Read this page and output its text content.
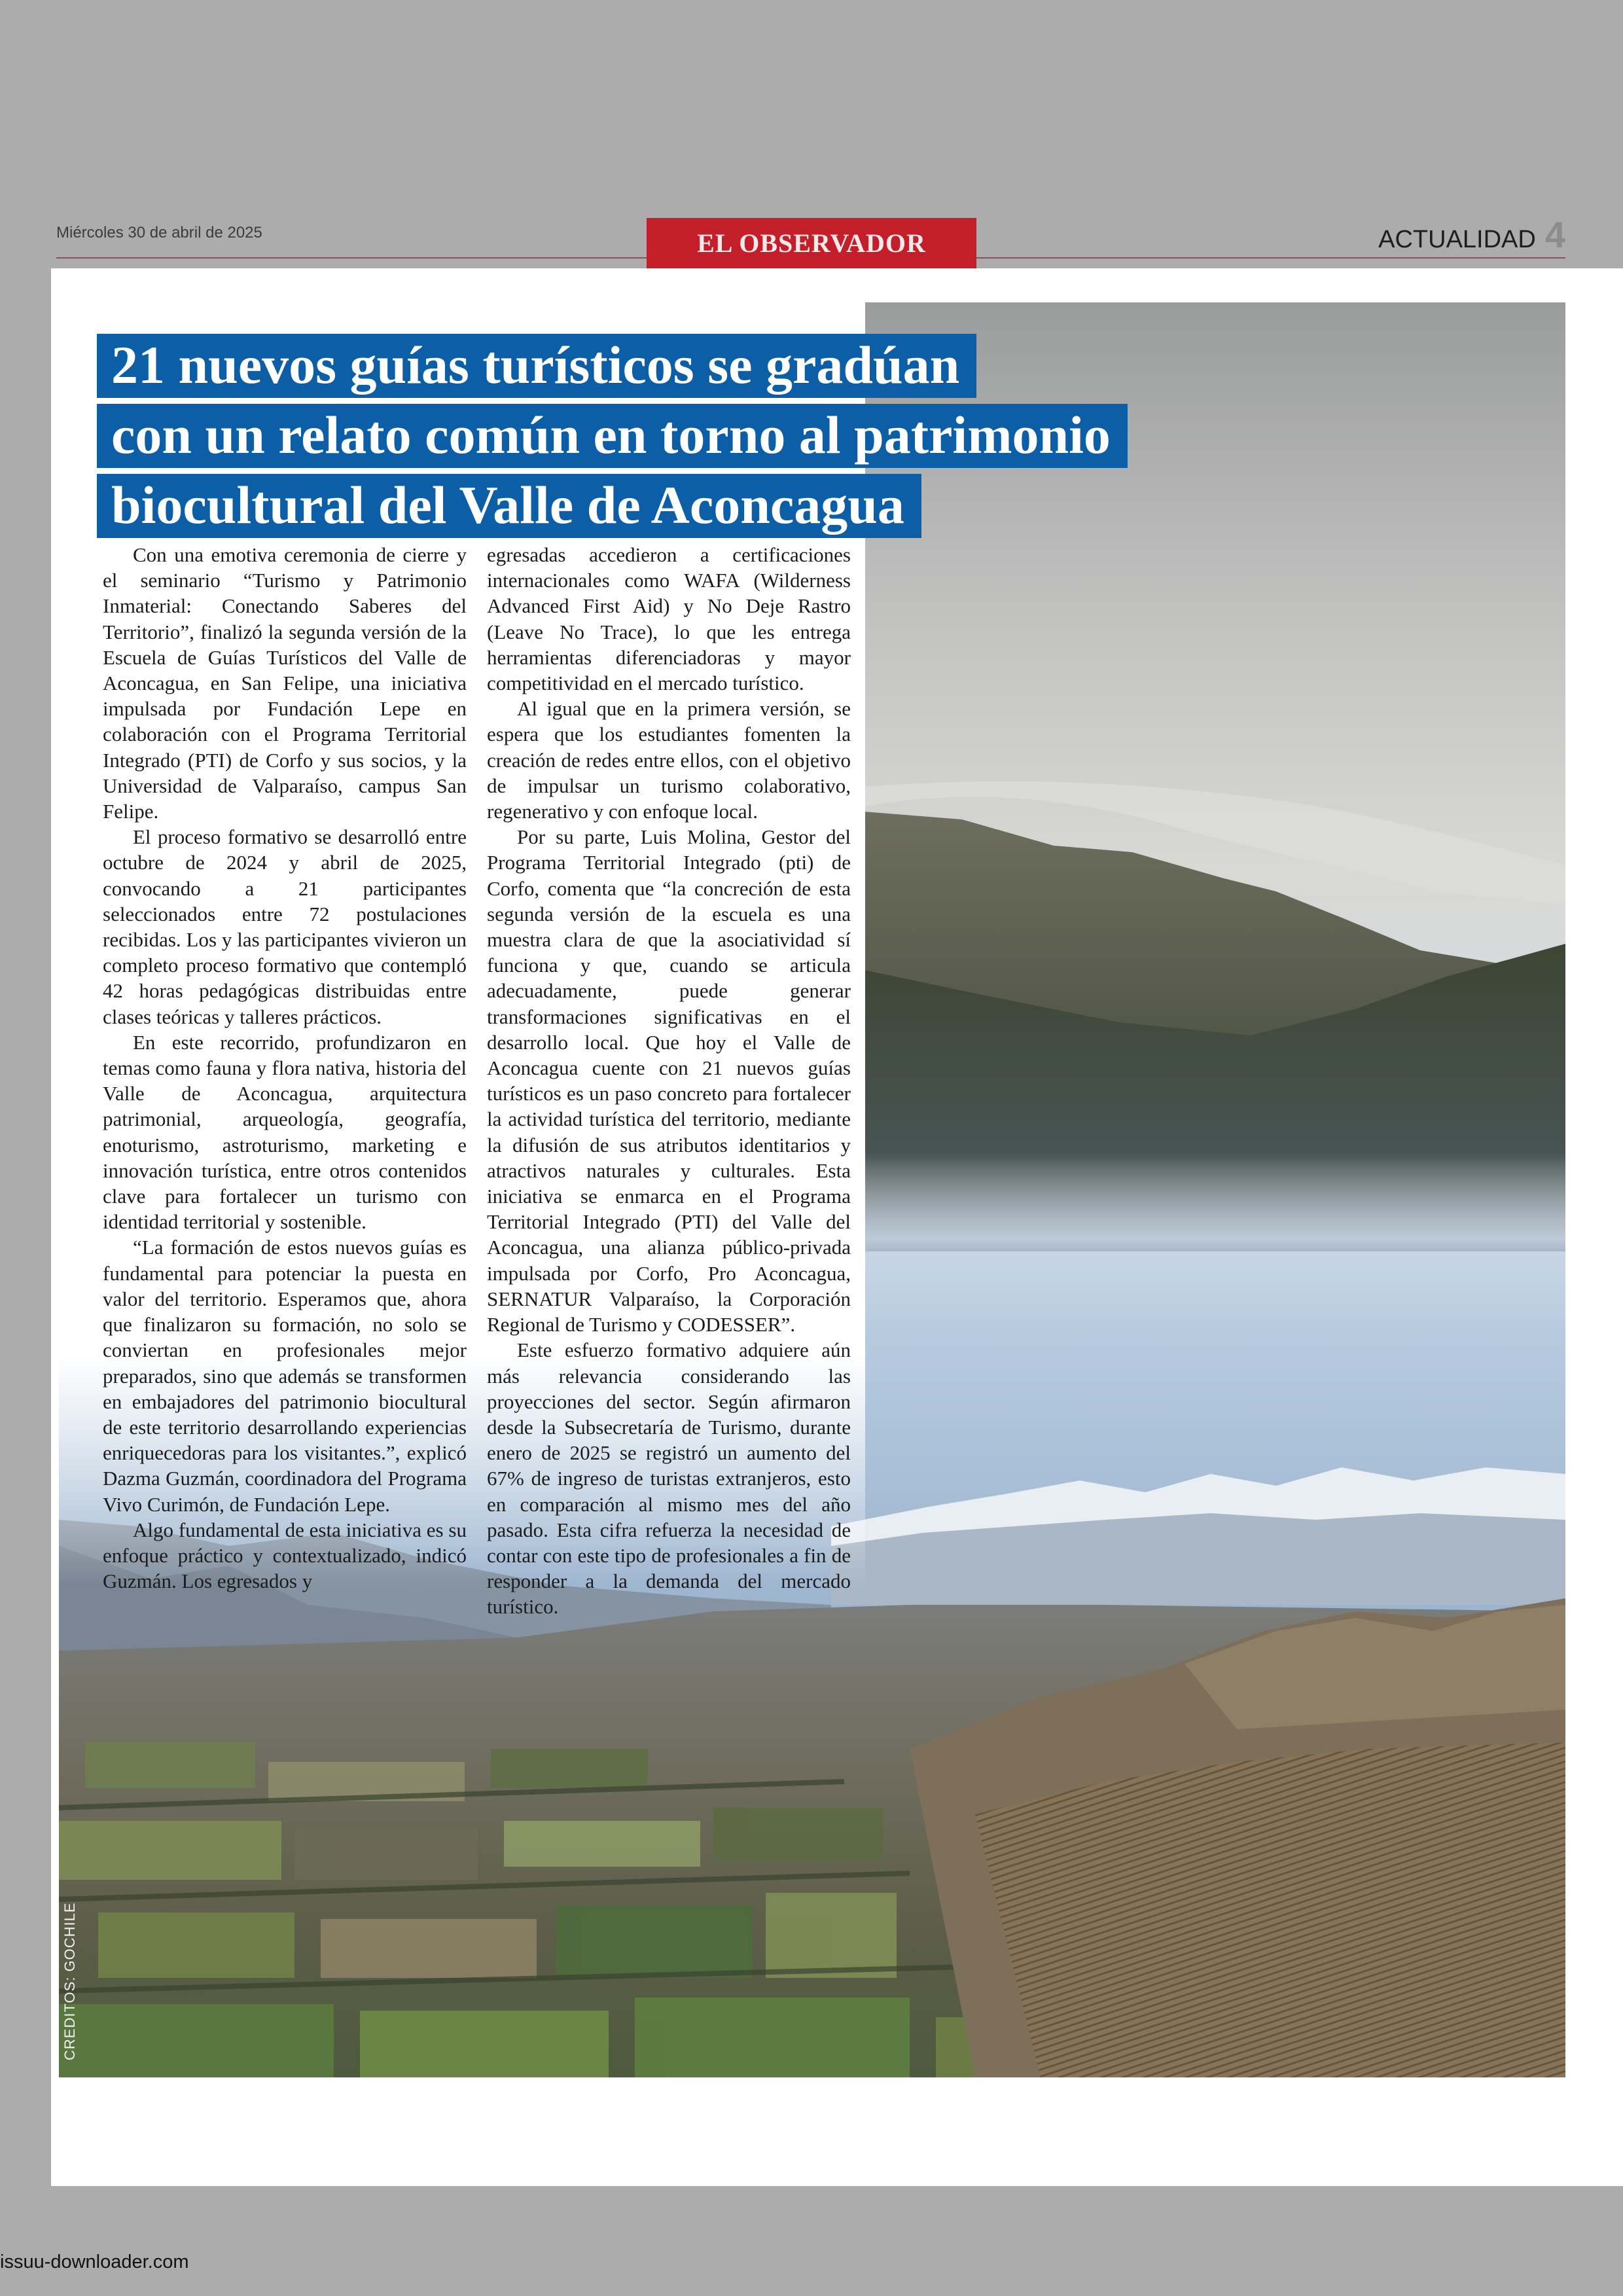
Miércoles 30 de abril de 2025	EL OBSERVADOR	ACTUALIDAD 4
21 nuevos guías turísticos se gradúan
con un relato común en torno al patrimonio
biocultural del Valle de Aconcagua

Con una emotiva ceremonia de cierre y el seminario “Turismo y Patrimonio Inmaterial: Conectando Saberes del Territorio”, finalizó la segunda versión de la Escuela de Guías Turísticos del Valle de Aconcagua, en San Felipe, una iniciativa impulsada por Fundación Lepe en colaboración con el Programa Territorial Integrado (PTI) de Corfo y sus socios, y la Universidad de Valparaíso, campus San Felipe.

El proceso formativo se desarrolló entre octubre de 2024 y abril de 2025, convocando a 21 participantes seleccionados entre 72 postulaciones recibidas. Los y las participantes vivieron un completo proceso formativo que contempló 42 horas pedagógicas distribuidas entre clases teóricas y talleres prácticos.

En este recorrido, profundizaron en temas como fauna y flora nativa, historia del Valle de Aconcagua, arquitectura patrimonial, arqueología, geografía, enoturismo, astroturismo, marketing e innovación turística, entre otros contenidos clave para fortalecer un turismo con identidad territorial y sostenible.

“La formación de estos nuevos guías es fundamental para potenciar la puesta en valor del territorio. Esperamos que, ahora que finalizaron su formación, no solo se conviertan en profesionales mejor preparados, sino que además se transformen en embajadores del patrimonio biocultural de este territorio desarrollando experiencias enriquecedoras para los visitantes.”, explicó Dazma Guzmán, coordinadora del Programa Vivo Curimón, de Fundación Lepe.

Algo fundamental de esta iniciativa es su enfoque práctico y contextualizado, indicó Guzmán. Los egresados y

egresadas accedieron a certificaciones internacionales como WAFA (Wilderness Advanced First Aid) y No Deje Rastro (Leave No Trace), lo que les entrega herramientas diferenciadoras y mayor competitividad en el mercado turístico.

Al igual que en la primera versión, se espera que los estudiantes fomenten la creación de redes entre ellos, con el objetivo de impulsar un turismo colaborativo, regenerativo y con enfoque local.

Por su parte, Luis Molina, Gestor del Programa Territorial Integrado (pti) de Corfo, comenta que “la concreción de esta segunda versión de la escuela es una muestra clara de que la asociatividad sí funciona y que, cuando se articula adecuadamente, puede generar transformaciones significativas en el desarrollo local. Que hoy el Valle de Aconcagua cuente con 21 nuevos guías turísticos es un paso concreto para fortalecer la actividad turística del territorio, mediante la difusión de sus atributos identitarios y atractivos naturales y culturales. Esta iniciativa se enmarca en el Programa Territorial Integrado (PTI) del Valle del Aconcagua, una alianza público-privada impulsada por Corfo, Pro Aconcagua, SERNATUR Valparaíso, la Corporación Regional de Turismo y CODESSER”.

Este esfuerzo formativo adquiere aún más relevancia considerando las proyecciones del sector. Según afirmaron desde la Subsecretaría de Turismo, durante enero de 2025 se registró un aumento del 67% de ingreso de turistas extranjeros, esto en comparación al mismo mes del año pasado. Esta cifra refuerza la necesidad de contar con este tipo de profesionales a fin de responder a la demanda del mercado turístico.

CREDITOS: GOCHILE
issuu-downloader.com
